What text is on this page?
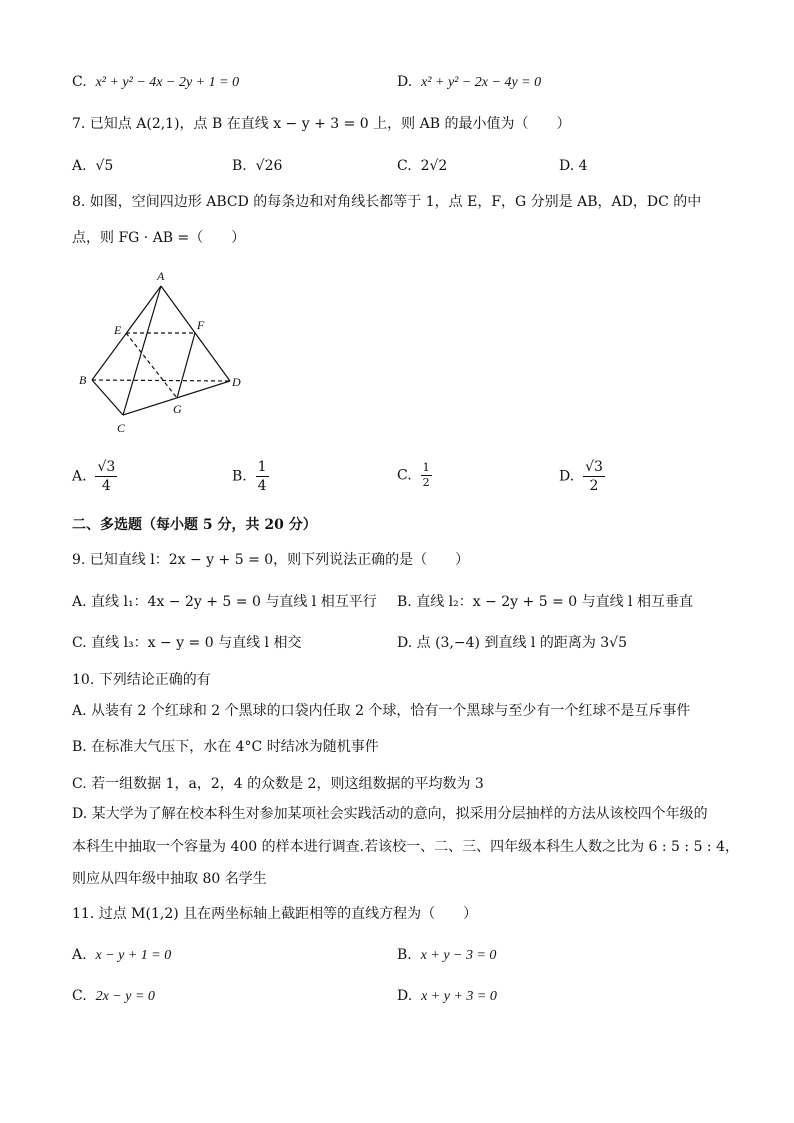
C. x² + y² − 4x − 2y + 1 = 0	D. x² + y² − 2x − 4y = 0
7. 已知点 A(2,1)，点 B 在直线 x − y + 3 = 0 上，则 AB 的最小值为（　　）
A. √5	B. √26	C. 2√2	D. 4
8. 如图，空间四边形 ABCD 的每条边和对角线长都等于 1，点 E，F，G 分别是 AB，AD，DC 的中
点，则 FG · AB =（　　）
A
B
C
D
E	F
G
A. $\frac{√3}{4}$	B. $\frac{1}{4}$	C. $\frac{1}{2}$	D. $\frac{√3}{2}$
二、多选题（每小题 5 分，共 20 分）
9. 已知直线 l：2x − y + 5 = 0，则下列说法正确的是（　　）
A. 直线 l₁：4x − 2y + 5 = 0 与直线 l 相互平行 B. 直线 l₂：x − 2y + 5 = 0 与直线 l 相互垂直
C. 直线 l₃：x − y = 0 与直线 l 相交	D. 点 (3,−4) 到直线 l 的距离为 3√5
10. 下列结论正确的有
A. 从装有 2 个红球和 2 个黑球的口袋内任取 2 个球，恰有一个黑球与至少有一个红球不是互斥事件
B. 在标准大气压下，水在 4°C 时结冰为随机事件
C. 若一组数据 1，a，2，4 的众数是 2，则这组数据的平均数为 3
D. 某大学为了解在校本科生对参加某项社会实践活动的意向，拟采用分层抽样的方法从该校四个年级的
本科生中抽取一个容量为 400 的样本进行调查.若该校一、二、三、四年级本科生人数之比为 6 : 5 : 5 : 4，
则应从四年级中抽取 80 名学生
11. 过点 M(1,2) 且在两坐标轴上截距相等的直线方程为（　　）
A. x − y + 1 = 0	B. x + y − 3 = 0
C. 2x − y = 0	D. x + y + 3 = 0
